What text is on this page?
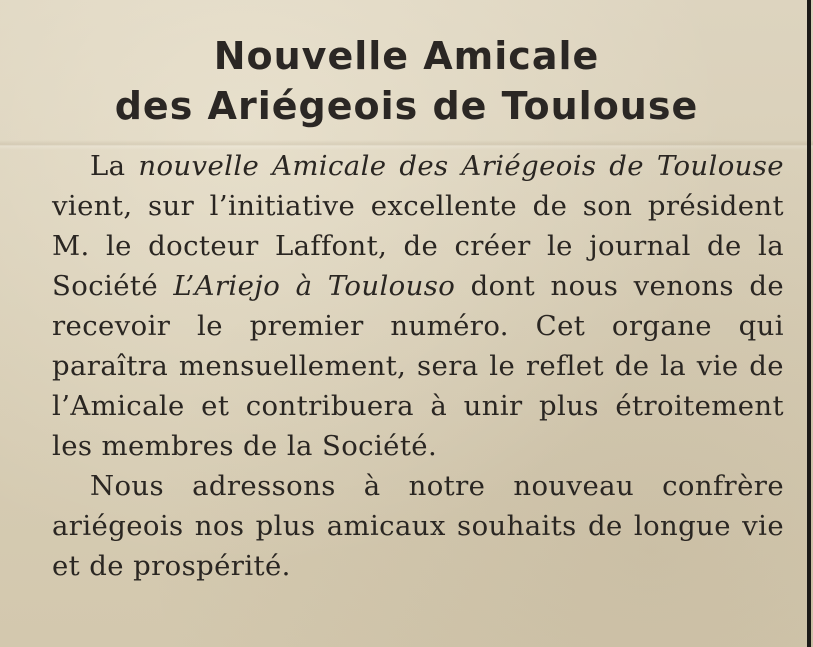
Nouvelle Amicale
des Ariégeois de Toulouse

La nouvelle Amicale des Ariégeois de Toulouse vient, sur l’initiative excellente de son président M. le docteur Laffont, de créer le journal de la Société L’Ariejo à Toulouso dont nous venons de recevoir le premier numéro. Cet organe qui paraîtra mensuellement, sera le reflet de la vie de l’Amicale et contribuera à unir plus étroitement les membres de la Société.

Nous adressons à notre nouveau confrère ariégeois nos plus amicaux souhaits de longue vie et de prospérité.
